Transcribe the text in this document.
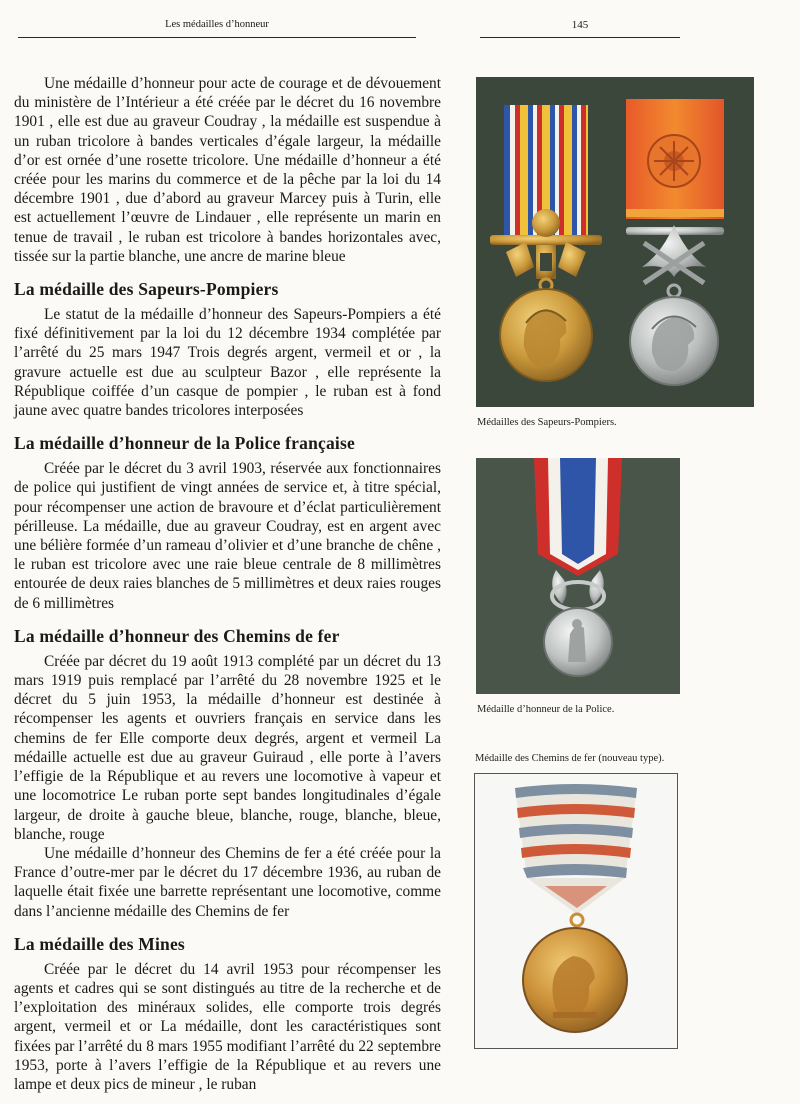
Les médailles d’honneur	145

Une médaille d’honneur pour acte de courage et de dévouement du ministère de l’Intérieur a été créée par le décret du 16 novembre 1901 , elle est due au graveur Coudray , la médaille est suspendue à un ruban tricolore à bandes verticales d’égale largeur, la médaille d’or est ornée d’une rosette tricolore. Une médaille d’honneur a été créée pour les marins du commerce et de la pêche par la loi du 14 décembre 1901 , due d’abord au graveur Marcey puis à Turin, elle est actuellement l’œuvre de Lindauer , elle représente un marin en tenue de travail , le ruban est tricolore à bandes horizontales avec, tissée sur la partie blanche, une ancre de marine bleue

La médaille des Sapeurs-Pompiers

Le statut de la médaille d’honneur des Sapeurs-Pompiers a été fixé définitivement par la loi du 12 décembre 1934 complétée par l’arrêté du 25 mars 1947 Trois degrés argent, vermeil et or , la gravure actuelle est due au sculpteur Bazor , elle représente la République coiffée d’un casque de pompier , le ruban est à fond jaune avec quatre bandes tricolores interposées

La médaille d’honneur de la Police française

Créée par le décret du 3 avril 1903, réservée aux fonctionnaires de police qui justifient de vingt années de service et, à titre spécial, pour récompenser une action de bravoure et d’éclat particulièrement périlleuse. La médaille, due au graveur Coudray, est en argent avec une bélière formée d’un rameau d’olivier et d’une branche de chêne , le ruban est tricolore avec une raie bleue centrale de 8 millimètres entourée de deux raies blanches de 5 millimètres et deux raies rouges de 6 millimètres

La médaille d’honneur des Chemins de fer

Créée par décret du 19 août 1913 complété par un décret du 13 mars 1919 puis remplacé par l’arrêté du 28 novembre 1925 et le décret du 5 juin 1953, la médaille d’honneur est destinée à récompenser les agents et ouvriers français en service dans les chemins de fer Elle comporte deux degrés, argent et vermeil La médaille actuelle est due au graveur Guiraud , elle porte à l’avers l’effigie de la République et au revers une locomotive à vapeur et une locomotrice Le ruban porte sept bandes longitudinales d’égale largeur, de droite à gauche bleue, blanche, rouge, blanche, bleue, blanche, rouge

Une médaille d’honneur des Chemins de fer a été créée pour la France d’outre-mer par le décret du 17 décembre 1936, au ruban de laquelle était fixée une barrette représentant une locomotive, comme dans l’ancienne médaille des Chemins de fer

La médaille des Mines

Créée par le décret du 14 avril 1953 pour récompenser les agents et cadres qui se sont distingués au titre de la recherche et de l’exploitation des minéraux solides, elle comporte trois degrés argent, vermeil et or La médaille, dont les caractéristiques sont fixées par l’arrêté du 8 mars 1955 modifiant l’arrêté du 22 septembre 1953, porte à l’avers l’effigie de la République et au revers une lampe et deux pics de mineur , le ruban

Médailles des Sapeurs-Pompiers.
Médaille d’honneur de la Police.
Médaille des Chemins de fer (nouveau type).
